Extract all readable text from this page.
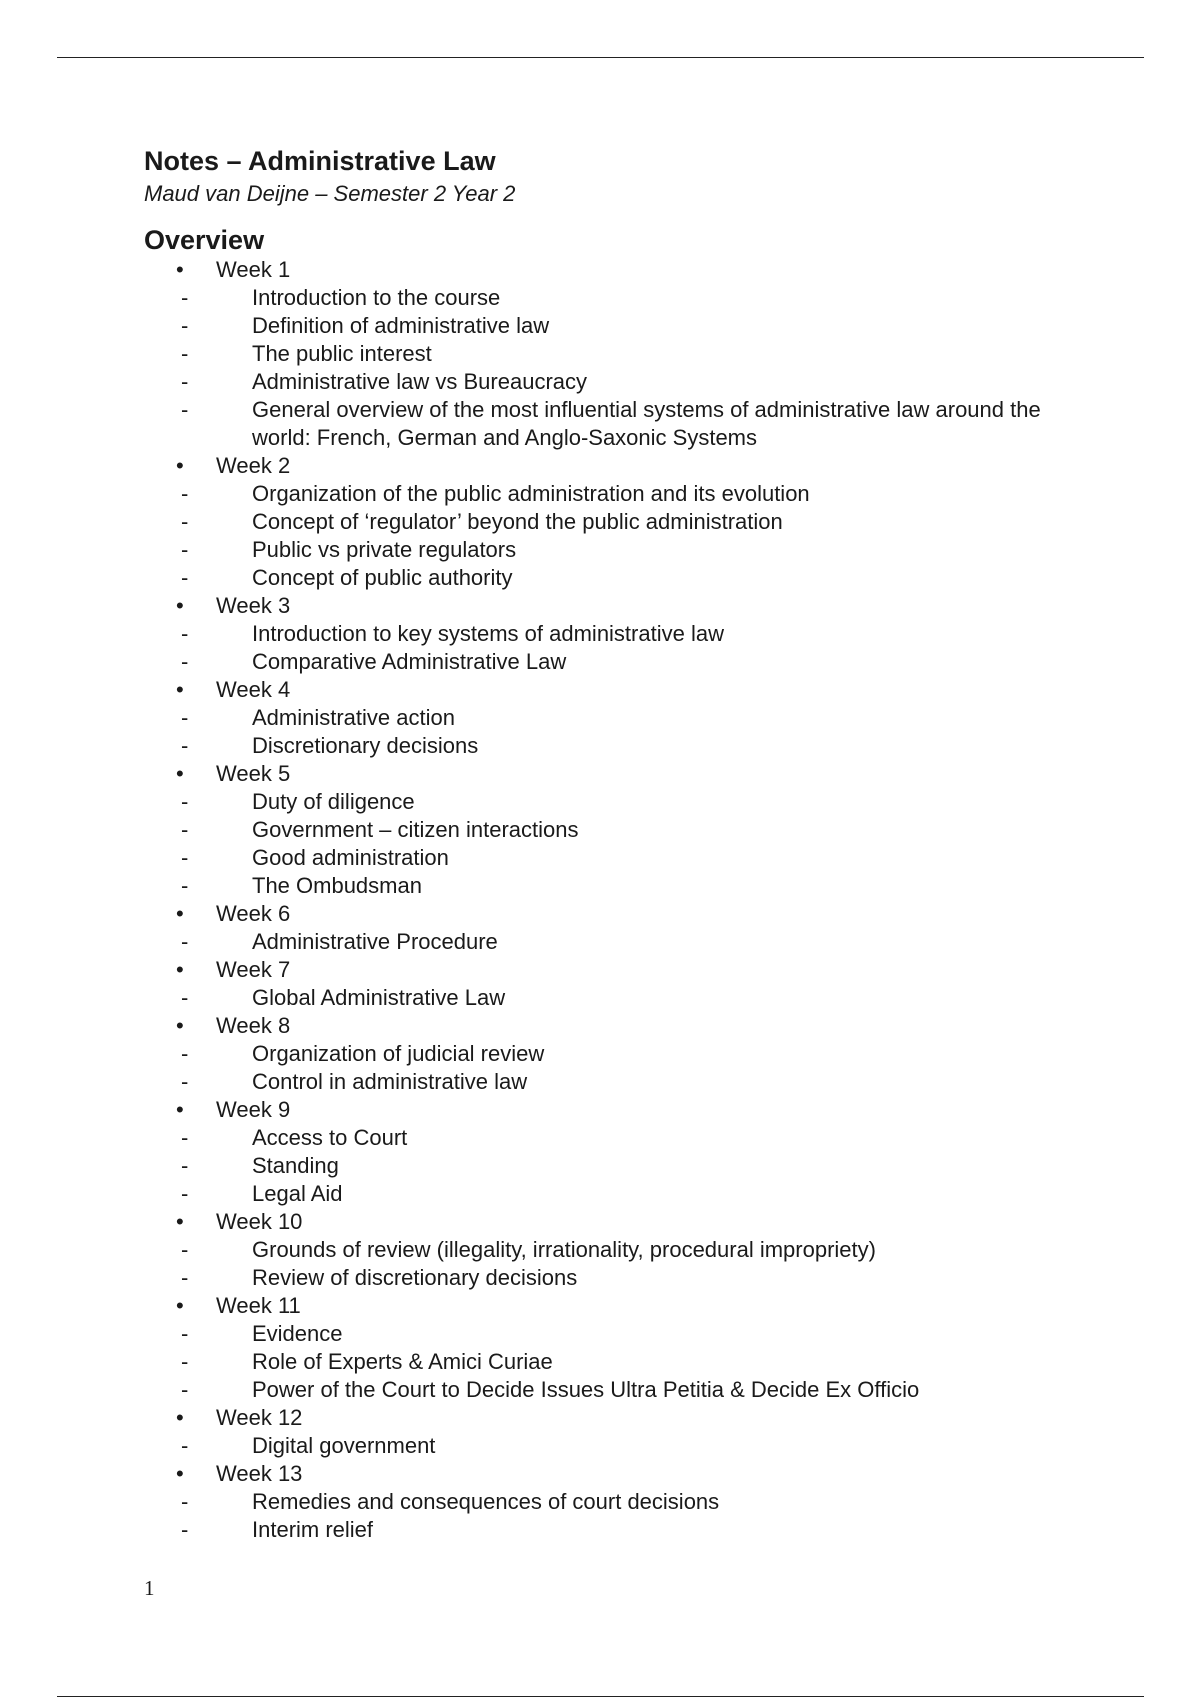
Notes – Administrative Law

Maud van Deijne – Semester 2 Year 2

Overview
• Week 1
-	Introduction to the course
-	Definition of administrative law
-	The public interest
-	Administrative law vs Bureaucracy
-	General overview of the most influential systems of administrative law around the world: French, German and Anglo-Saxonic Systems
• Week 2
-	Organization of the public administration and its evolution
-	Concept of ‘regulator’ beyond the public administration
-	Public vs private regulators
-	Concept of public authority
• Week 3
-	Introduction to key systems of administrative law
-	Comparative Administrative Law
• Week 4
-	Administrative action
-	Discretionary decisions
• Week 5
-	Duty of diligence
-	Government – citizen interactions
-	Good administration
-	The Ombudsman
• Week 6
-	Administrative Procedure
• Week 7
-	Global Administrative Law
• Week 8
-	Organization of judicial review
-	Control in administrative law
• Week 9
-	Access to Court
-	Standing
-	Legal Aid
• Week 10
-	Grounds of review (illegality, irrationality, procedural impropriety)
-	Review of discretionary decisions
• Week 11
-	Evidence
-	Role of Experts & Amici Curiae
-	Power of the Court to Decide Issues Ultra Petitia & Decide Ex Officio
• Week 12
-	Digital government
• Week 13
-	Remedies and consequences of court decisions
-	Interim relief
1
